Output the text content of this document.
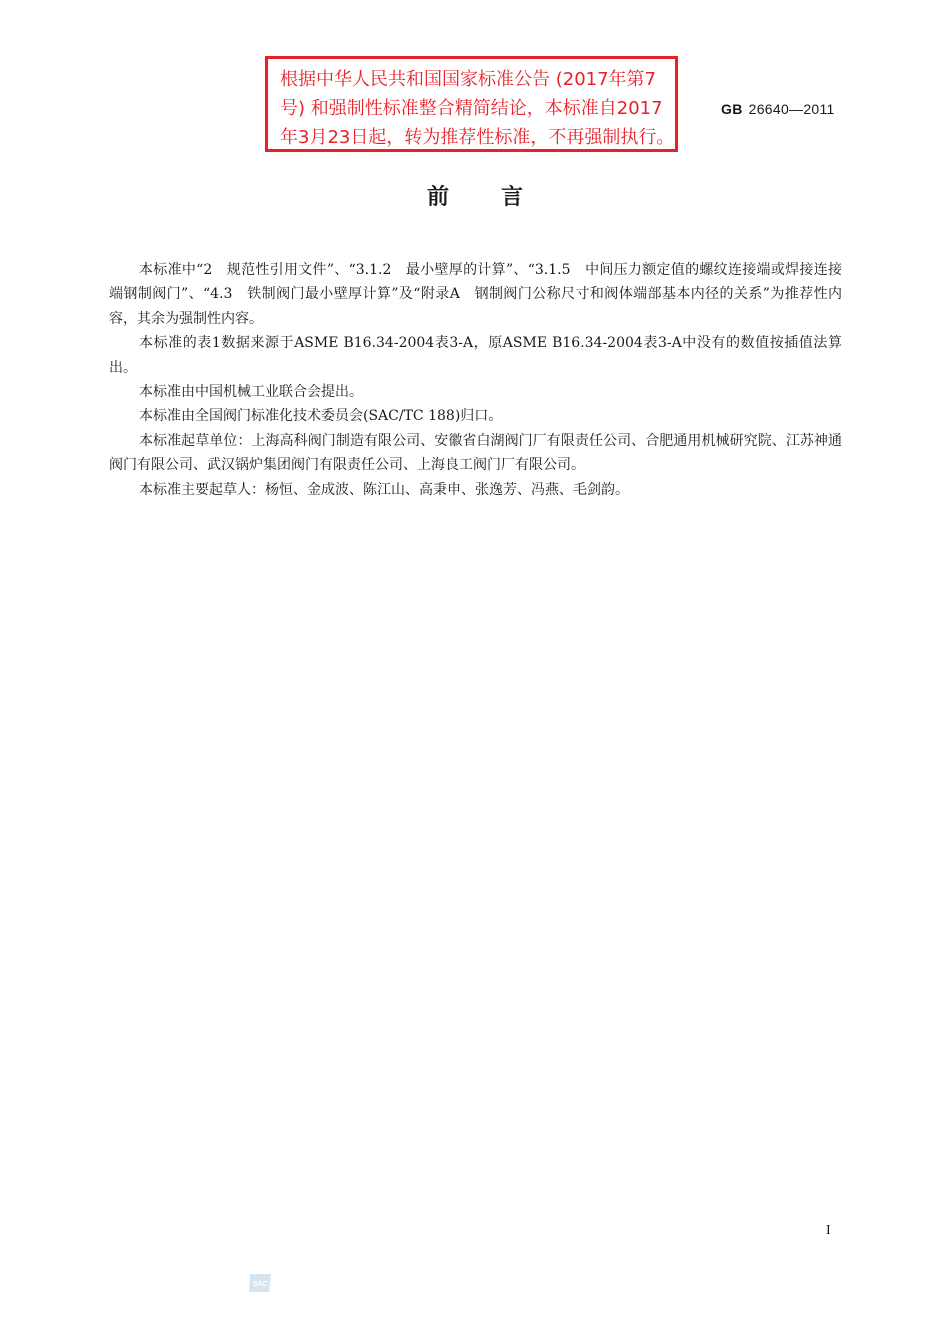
根据中华人民共和国国家标准公告 (2017年第7
号) 和强制性标准整合精简结论，本标准自2017
年3月23日起，转为推荐性标准，不再强制执行。
GB 26640—2011
前言

本标准中“2　规范性引用文件”、“3.1.2　最小壁厚的计算”、“3.1.5　中间压力额定值的螺纹连接端或焊接连接端钢制阀门”、“4.3　铁制阀门最小壁厚计算”及“附录A　钢制阀门公称尺寸和阀体端部基本内径的关系”为推荐性内容，其余为强制性内容。

本标准的表1数据来源于ASME B16.34-2004表3-A，原ASME B16.34-2004表3-A中没有的数值按插值法算出。

本标准由中国机械工业联合会提出。

本标准由全国阀门标准化技术委员会(SAC/TC 188)归口。

本标准起草单位：上海高科阀门制造有限公司、安徽省白湖阀门厂有限责任公司、合肥通用机械研究院、江苏神通阀门有限公司、武汉锅炉集团阀门有限责任公司、上海良工阀门厂有限公司。

本标准主要起草人：杨恒、金成波、陈江山、高秉申、张逸芳、冯燕、毛剑韵。

I
SAC
